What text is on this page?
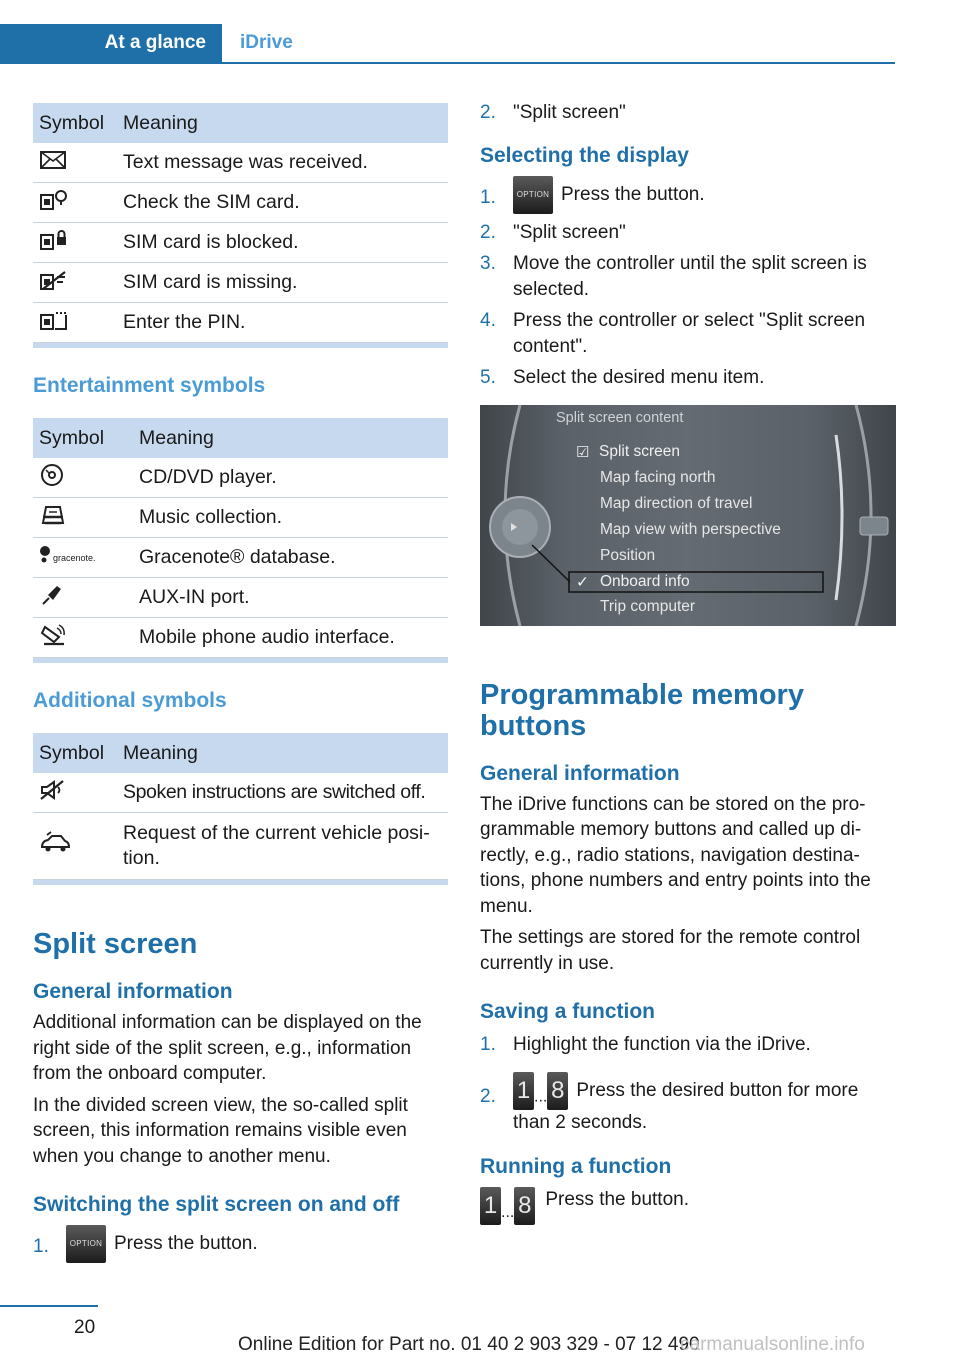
At a glance	iDrive
Symbol	Meaning
	Text message was received.
	Check the SIM card.
	SIM card is blocked.
	SIM card is missing.
	Enter the PIN.
Entertainment symbols
Symbol	Meaning
	CD/DVD player.
	Music collection.

gracenote.	Gracenote® database.
	AUX-IN port.
	Mobile phone audio interface.
Additional symbols
Symbol	Meaning
	Spoken instructions are switched off.
	Request of the current vehicle posi‐
tion.
Split screen
General information

Additional information can be displayed on the right side of the split screen, e.g., information from the onboard computer.

In the divided screen view, the so-called split screen, this information remains visible even when you change to another menu.

Switching the split screen on and off
1.	OPTION Press the button.
2. "Split screen"
Selecting the display
1.	OPTION Press the button.
2. "Split screen"
3. Move the controller until the split screen is selected.
4. Press the controller or select "Split screen content".
5. Select the desired menu item.
Split screen content
☑ Split screen
Map facing north
Map direction of travel
Map view with perspective
Position
✓ Onboard info
Trip computer
Programmable memory buttons
General information

The iDrive functions can be stored on the pro‐grammable memory buttons and called up di‐rectly, e.g., radio stations, navigation destina‐tions, phone numbers and entry points into the menu.

The settings are stored for the remote control currently in use.

Saving a function
1. Highlight the function via the iDrive.
2. 1 ... 8 Press the desired button for more than 2 seconds.
Running a function
1 ... 8 Press the button.
20
Online Edition for Part no. 01 40 2 903 329 - 07 12 490
carmanualsonline.info
